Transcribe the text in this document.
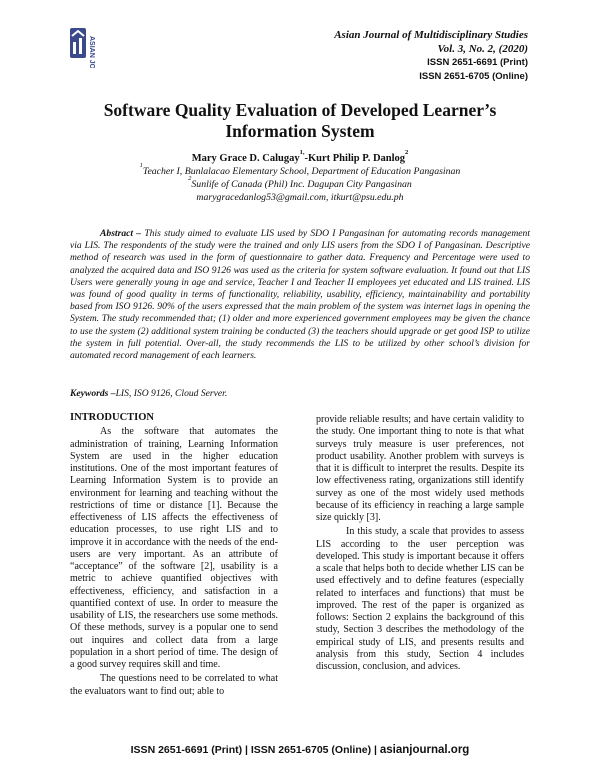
ASIAN JOURNAL
Asian Journal of Multidisciplinary Studies
Vol. 3, No. 2, (2020)
ISSN 2651-6691 (Print)
ISSN 2651-6705 (Online)
Software Quality Evaluation of Developed Learner’s
Information System
Mary Grace D. Calugay$^{1,}$-Kurt Philip P. Danlog$^2$
$^1$Teacher I, Bunlalacao Elementary School, Department of Education Pangasinan
$^2$Sunlife of Canada (Phil) Inc. Dagupan City Pangasinan
marygracedanlog53@gmail.com, itkurt@psu.edu.ph
Abstract – This study aimed to evaluate LIS used by SDO I Pangasinan for automating records management via LIS. The respondents of the study were the trained and only LIS users from the SDO I of Pangasinan. Descriptive method of research was used in the form of questionnaire to gather data. Frequency and Percentage were used to analyzed the acquired data and ISO 9126 was used as the criteria for system software evaluation. It found out that LIS Users were generally young in age and service, Teacher I and Teacher II employees yet educated and LIS trained. LIS was found of good quality in terms of functionality, reliability, usability, efficiency, maintainability and portability based from ISO 9126. 90% of the users expressed that the main problem of the system was internet lags in opening the System. The study recommended that; (1) older and more experienced government employees may be given the chance to use the system (2) additional system training be conducted (3) the teachers should upgrade or get good ISP to utilize the system in full potential. Over-all, the study recommends the LIS to be utilized by other school’s division for automated record management of each learners.
Keywords –LIS, ISO 9126, Cloud Server.
INTRODUCTION

As the software that automates the administration of training, Learning Information System are used in the higher education institutions. One of the most important features of Learning Information System is to provide an environment for learning and teaching without the restrictions of time or distance [1]. Because the effectiveness of LIS affects the effectiveness of education processes, to use right LIS and to improve it in accordance with the needs of the end-users are very important. As an attribute of “acceptance” of the software [2], usability is a metric to achieve quantified objectives with effectiveness, efficiency, and satisfaction in a quantified context of use. In order to measure the usability of LIS, the researchers use some methods. Of these methods, survey is a popular one to send out inquires and collect data from a large population in a short period of time. The design of a good survey requires skill and time.

The questions need to be correlated to what the evaluators want to find out; able to

provide reliable results; and have certain validity to the study. One important thing to note is that what surveys truly measure is user preferences, not product usability. Another problem with surveys is that it is difficult to interpret the results. Despite its low effectiveness rating, organizations still identify survey as one of the most widely used methods because of its efficiency in reaching a large sample size quickly [3].

In this study, a scale that provides to assess LIS according to the user perception was developed. This study is important because it offers a scale that helps both to decide whether LIS can be used effectively and to define features (especially related to interfaces and functions) that must be improved. The rest of the paper is organized as follows: Section 2 explains the background of this study, Section 3 describes the methodology of the empirical study of LIS, and presents results and analysis from this study, Section 4 includes discussion, conclusion, and advices.

ISSN 2651-6691 (Print) | ISSN 2651-6705 (Online) | asianjournal.org
